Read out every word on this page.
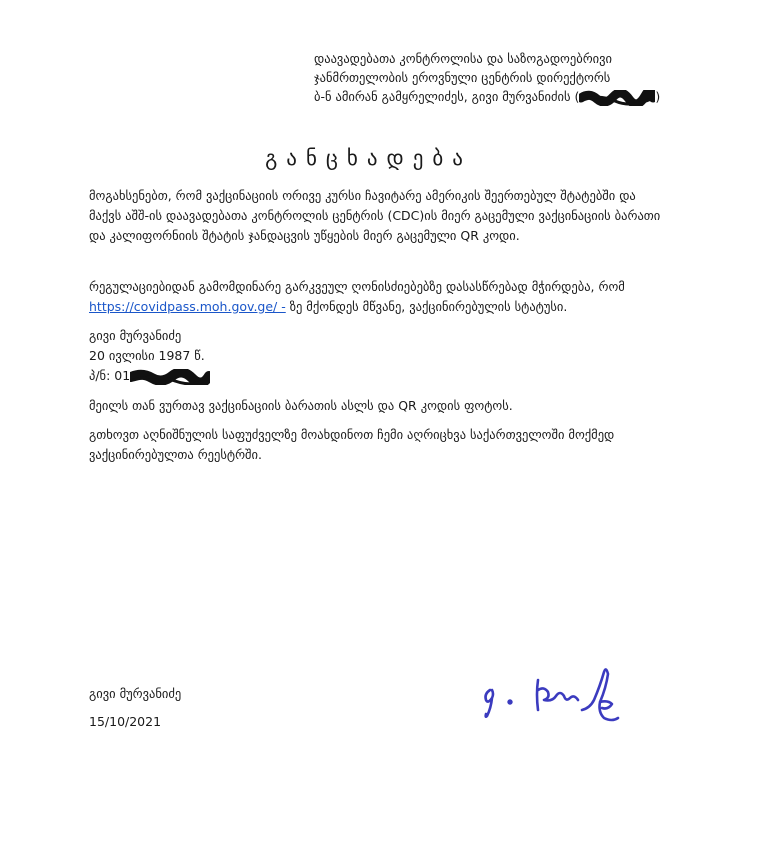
დაავადებათა კონტროლისა და საზოგადოებრივი
ჯანმრთელობის ეროვნული ცენტრის დირექტორს
ბ-ნ ამირან გამყრელიძეს, გივი მურვანიძის (	)
განცხადება
მოგახსენებთ, რომ ვაქცინაციის ორივე კურსი ჩავიტარე ამერიკის შეერთებულ შტატებში და მაქვს აშშ-ის დაავადებათა კონტროლის ცენტრის (CDC)ის მიერ გაცემული ვაქცინაციის ბარათი და კალიფორნიის შტატის ჯანდაცვის უწყების მიერ გაცემული QR კოდი.
რეგულაციებიდან გამომდინარე გარკვეულ ღონისძიებებზე დასასწრებად მჭირდება, რომ https://covidpass.moh.gov.ge/ - ზე მქონდეს მწვანე, ვაქცინირებულის სტატუსი.
გივი მურვანიძე
20 ივლისი 1987 წ.
პ/ნ: 01
მეილს თან ვურთავ ვაქცინაციის ბარათის ასლს და QR კოდის ფოტოს.
გთხოვთ აღნიშნულის საფუძველზე მოახდინოთ ჩემი აღრიცხვა საქართველოში მოქმედ ვაქცინირებულთა რეესტრში.
გივი მურვანიძე
15/10/2021
